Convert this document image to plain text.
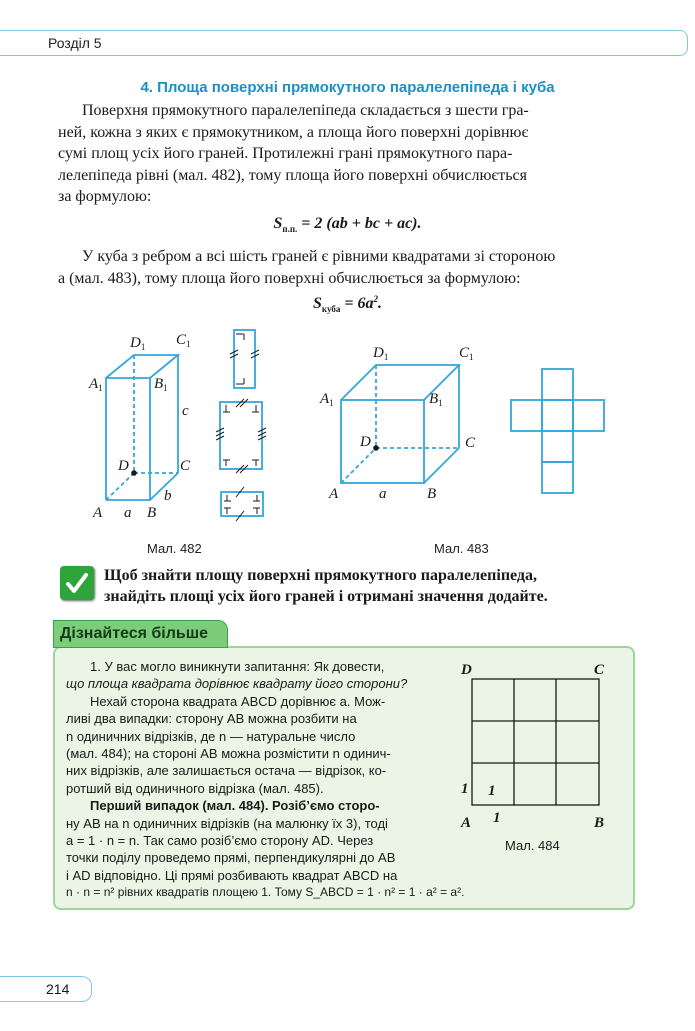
Розділ 5
4. Площа поверхні прямокутного паралелепіпеда і куба
Поверхня прямокутного паралелепіпеда складається з шести гра-
ней, кожна з яких є прямокутником, а площа його поверхні дорівнює
сумі площ усіх його граней. Протилежні грані прямокутного пара-
лелепіпеда рівні (мал. 482), тому площа його поверхні обчислюється
за формулою:
$S_{п.п.} = 2$ (ab + bc + ac).
У куба з ребром a всі шість граней є рівними квадратами зі стороною
a (мал. 483), тому площа його поверхні обчислюється за формулою:
$S_{куба} = 6a^2$.
$D_1$ $C_1$
$A_1$	$B_1$
c
D	C
b
A a B
$D_1$	$C_1$
$A_1$	$B_1$
D	C
A	a	B
Мал. 482	Мал. 483
Щоб знайти площу поверхні прямокутного паралелепіпеда,
знайдіть площі усіх його граней і отримані значення додайте.
Дізнайтеся більше
1. У вас могло виникнути запитання: Як довести,
що площа квадрата дорівнює квадрату його сторони?
Нехай сторона квадрата ABCD дорівнює a. Мож-
ливі два випадки: сторону AB можна розбити на
n одиничних відрізків, де n — натуральне число
(мал. 484); на стороні AB можна розмістити n одинич-
них відрізків, але залишається остача — відрізок, ко-
ротший від одиничного відрізка (мал. 485).
Перший випадок (мал. 484). Розіб’ємо сторо-
ну AB на n одиничних відрізків (на малюнку їх 3), тоді
a = 1 · n = n. Так само розіб’ємо сторону AD. Через
точки поділу проведемо прямі, перпендикулярні до AB
і AD відповідно. Ці прямі розбивають квадрат ABCD на
n · n = n² рівних квадратів площею 1. Тому S_ABCD = 1 · n² = 1 · a² = a².
D	C
A	B
1 1
1
Мал. 484
214
